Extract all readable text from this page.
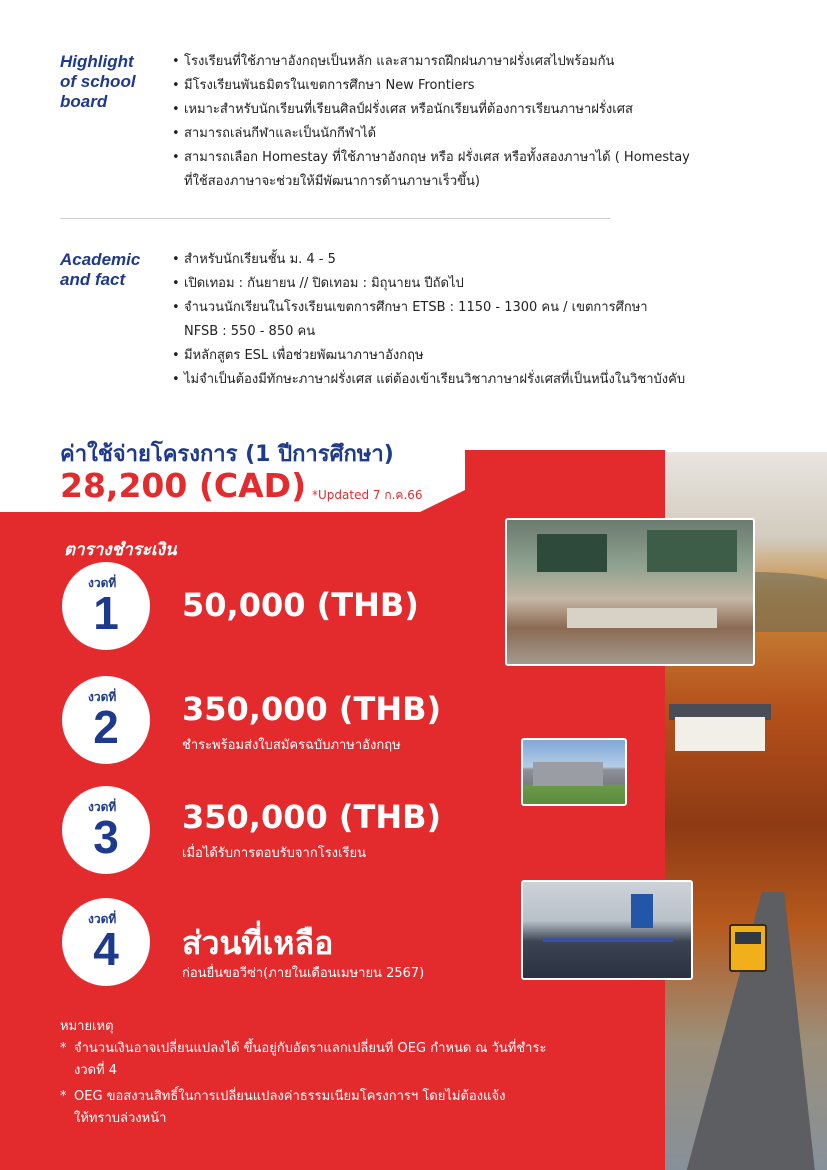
Highlight
of school
board
• โรงเรียนที่ใช้ภาษาอังกฤษเป็นหลัก และสามารถฝึกฝนภาษาฝรั่งเศสไปพร้อมกัน
• มีโรงเรียนพันธมิตรในเขตการศึกษา New Frontiers
• เหมาะสำหรับนักเรียนที่เรียนศิลป์ฝรั่งเศส หรือนักเรียนที่ต้องการเรียนภาษาฝรั่งเศส
• สามารถเล่นกีฬาและเป็นนักกีฬาได้
• สามารถเลือก Homestay ที่ใช้ภาษาอังกฤษ หรือ ฝรั่งเศส หรือทั้งสองภาษาได้ ( Homestay
ที่ใช้สองภาษาจะช่วยให้มีพัฒนาการด้านภาษาเร็วขึ้น)
Academic
and fact
• สำหรับนักเรียนชั้น ม. 4 - 5
• เปิดเทอม : กันยายน // ปิดเทอม : มิถุนายน ปีถัดไป
• จำนวนนักเรียนในโรงเรียนเขตการศึกษา ETSB : 1150 - 1300 คน / เขตการศึกษา
NFSB : 550 - 850 คน
• มีหลักสูตร ESL เพื่อช่วยพัฒนาภาษาอังกฤษ
• ไม่จำเป็นต้องมีทักษะภาษาฝรั่งเศส แต่ต้องเข้าเรียนวิชาภาษาฝรั่งเศสที่เป็นหนึ่งในวิชาบังคับ
ค่าใช้จ่ายโครงการ (1 ปีการศึกษา)
28,200 (CAD) *Updated 7 ก.ค.66
ตารางชำระเงิน
งวดที่
1	50,000 (THB)
งวดที่
2	350,000 (THB)
ชำระพร้อมส่งใบสมัครฉบับภาษาอังกฤษ
งวดที่
3	350,000 (THB)
เมื่อได้รับการตอบรับจากโรงเรียน
งวดที่
4	ส่วนที่เหลือ
ก่อนยื่นขอวีซ่า(ภายในเดือนเมษายน 2567)
หมายเหตุ
* จำนวนเงินอาจเปลี่ยนแปลงได้ ขึ้นอยู่กับอัตราแลกเปลี่ยนที่ OEG กำหนด ณ วันที่ชำระ
งวดที่ 4
* OEG ขอสงวนสิทธิ์ในการเปลี่ยนแปลงค่าธรรมเนียมโครงการฯ โดยไม่ต้องแจ้ง
ให้ทราบล่วงหน้า
